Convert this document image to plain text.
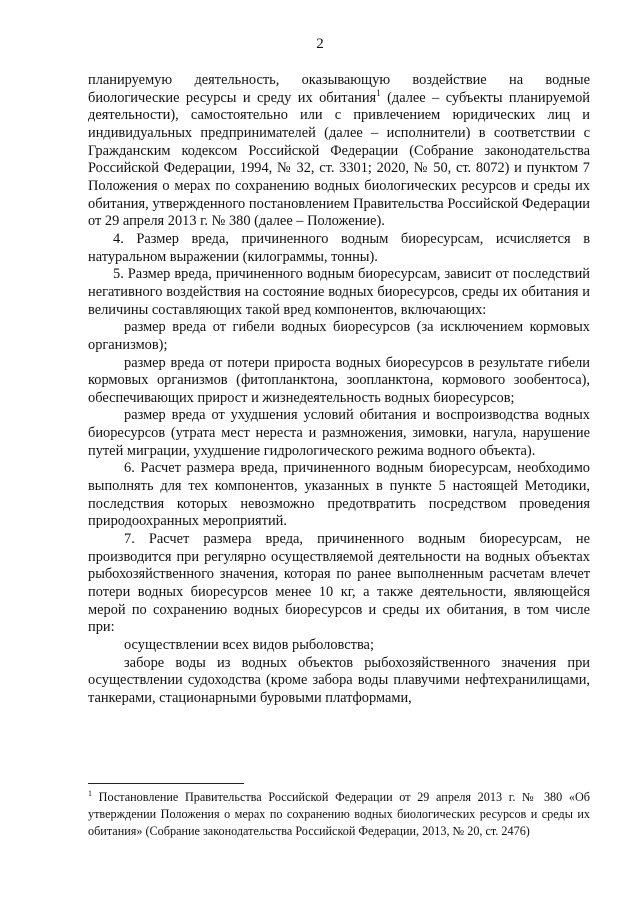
2

планируемую деятельность, оказывающую воздействие на водные биологические ресурсы и среду их обитания$^1$ (далее – субъекты планируемой деятельности), самостоятельно или с привлечением юридических лиц и индивидуальных предпринимателей (далее – исполнители) в соответствии с Гражданским кодексом Российской Федерации (Собрание законодательства Российской Федерации, 1994, № 32, ст. 3301; 2020, № 50, ст. 8072) и пунктом 7 Положения о мерах по сохранению водных биологических ресурсов и среды их обитания, утвержденного постановлением Правительства Российской Федерации от 29 апреля 2013 г. № 380 (далее – Положение).

4. Размер вреда, причиненного водным биоресурсам, исчисляется в натуральном выражении (килограммы, тонны).

5. Размер вреда, причиненного водным биоресурсам, зависит от последствий негативного воздействия на состояние водных биоресурсов, среды их обитания и величины составляющих такой вред компонентов, включающих:

размер вреда от гибели водных биоресурсов (за исключением кормовых организмов);

размер вреда от потери прироста водных биоресурсов в результате гибели кормовых организмов (фитопланктона, зоопланктона, кормового зообентоса), обеспечивающих прирост и жизнедеятельность водных биоресурсов;

размер вреда от ухудшения условий обитания и воспроизводства водных биоресурсов (утрата мест нереста и размножения, зимовки, нагула, нарушение путей миграции, ухудшение гидрологического режима водного объекта).

6. Расчет размера вреда, причиненного водным биоресурсам, необходимо выполнять для тех компонентов, указанных в пункте 5 настоящей Методики, последствия которых невозможно предотвратить посредством проведения природоохранных мероприятий.

7. Расчет размера вреда, причиненного водным биоресурсам, не производится при регулярно осуществляемой деятельности на водных объектах рыбохозяйственного значения, которая по ранее выполненным расчетам влечет потери водных биоресурсов менее 10 кг, а также деятельности, являющейся мерой по сохранению водных биоресурсов и среды их обитания, в том числе при:

осуществлении всех видов рыболовства;

заборе воды из водных объектов рыбохозяйственного значения при осуществлении судоходства (кроме забора воды плавучими нефтехранилищами, танкерами, стационарными буровыми платформами,

$^1$ Постановление Правительства Российской Федерации от 29 апреля 2013 г. № 380 «Об утверждении Положения о мерах по сохранению водных биологических ресурсов и среды их обитания» (Собрание законодательства Российской Федерации, 2013, № 20, ст. 2476)
